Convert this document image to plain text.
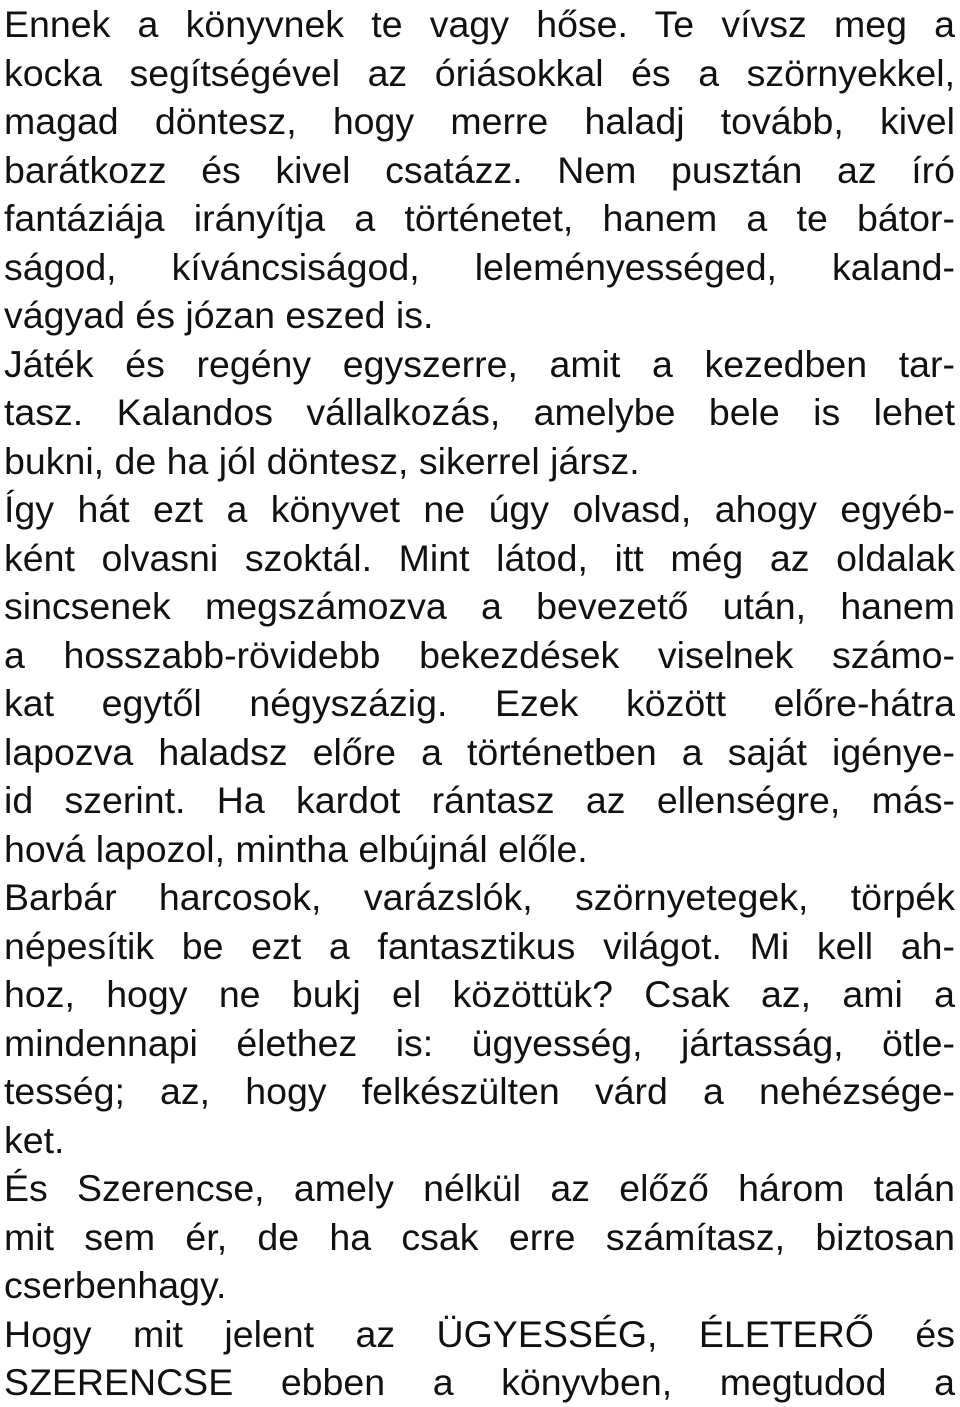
Ennek a könyvnek te vagy hőse. Te vívsz meg a
kocka segítségével az óriásokkal és a szörnyekkel,
magad döntesz, hogy merre haladj tovább, kivel
barátkozz és kivel csatázz. Nem pusztán az író
fantáziája irányítja a történetet, hanem a te bátor-
ságod, kíváncsiságod, leleményességed, kaland-
vágyad és józan eszed is.
Játék és regény egyszerre, amit a kezedben tar-
tasz. Kalandos vállalkozás, amelybe bele is lehet
bukni, de ha jól döntesz, sikerrel jársz.
Így hát ezt a könyvet ne úgy olvasd, ahogy egyéb-
ként olvasni szoktál. Mint látod, itt még az oldalak
sincsenek megszámozva a bevezető után, hanem
a hosszabb-rövidebb bekezdések viselnek számo-
kat egytől négyszázig. Ezek között előre-hátra
lapozva haladsz előre a történetben a saját igénye-
id szerint. Ha kardot rántasz az ellenségre, más-
hová lapozol, mintha elbújnál előle.
Barbár harcosok, varázslók, szörnyetegek, törpék
népesítik be ezt a fantasztikus világot. Mi kell ah-
hoz, hogy ne bukj el közöttük? Csak az, ami a
mindennapi élethez is: ügyesség, jártasság, ötle-
tesség; az, hogy felkészülten várd a nehézsége-
ket.
És Szerencse, amely nélkül az előző három talán
mit sem ér, de ha csak erre számítasz, biztosan
cserbenhagy.
Hogy mit jelent az ÜGYESSÉG, ÉLETERŐ és
SZERENCSE ebben a könyvben, megtudod a
